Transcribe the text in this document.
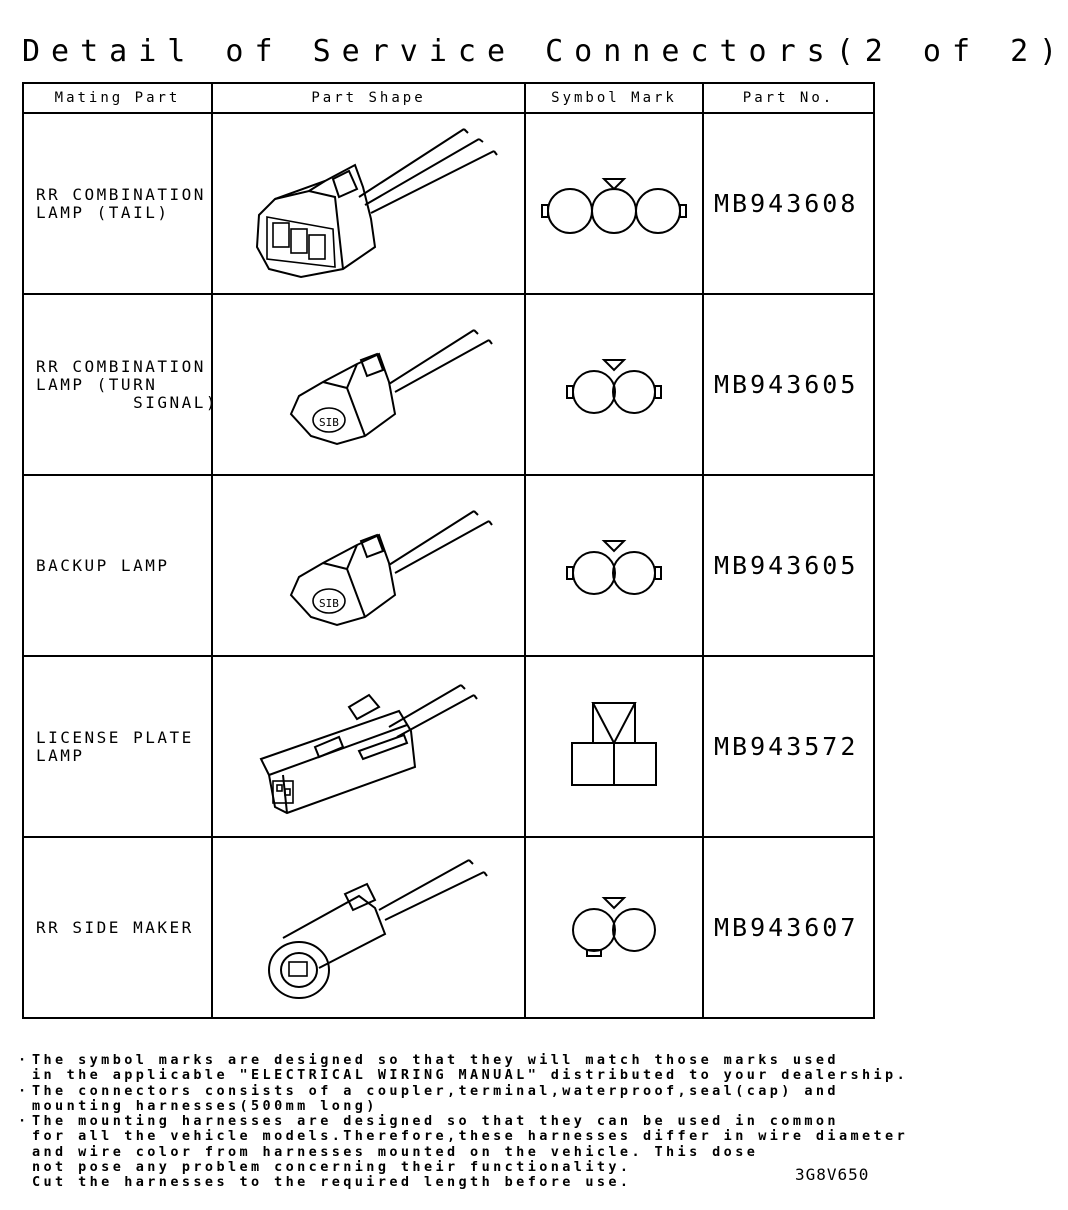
Detail of Service Connectors(2 of 2)
Mating Part	Part Shape	Symbol Mark	Part No.

RR COMBINATION
LAMP (TAIL)			MB943608

RR COMBINATION
LAMP (TURN
SIGNAL)	SIB		MB943605

BACKUP LAMP	SIB		MB943605

LICENSE PLATE
LAMP			MB943572

RR SIDE MAKER			MB943607
· The symbol marks are designed so that they will match those marks used
in the applicable "ELECTRICAL WIRING MANUAL" distributed to your dealership.
· The connectors consists of a coupler,terminal,waterproof,seal(cap) and
mounting harnesses(500mm long)
· The mounting harnesses are designed so that they can be used in common
for all the vehicle models.Therefore,these harnesses differ in wire diameter
and wire color from harnesses mounted on the vehicle. This dose
not pose any problem concerning their functionality.
Cut the harnesses to the required length before use.	3G8V650
